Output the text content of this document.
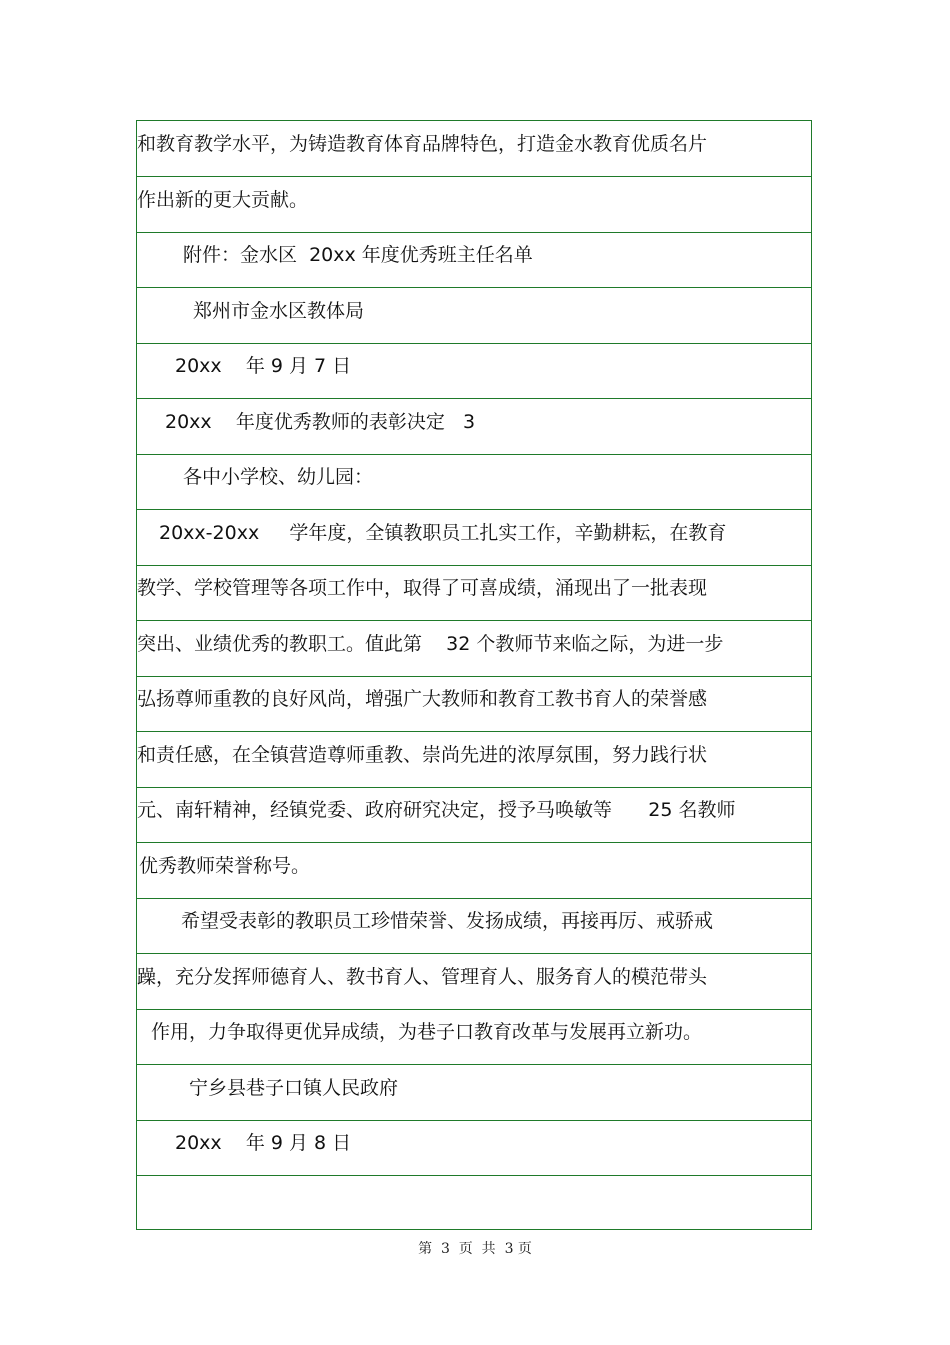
和教育教学水平，为铸造教育体育品牌特色，打造金水教育优质名片
作出新的更大贡献。
附件：金水区  20xx 年度优秀班主任名单
郑州市金水区教体局
20xx    年 9 月 7 日
20xx    年度优秀教师的表彰决定   3
各中小学校、幼儿园：
20xx-20xx     学年度，全镇教职员工扎实工作，辛勤耕耘，在教育
教学、学校管理等各项工作中，取得了可喜成绩，涌现出了一批表现
突出、业绩优秀的教职工。值此第    32 个教师节来临之际，为进一步
弘扬尊师重教的良好风尚，增强广大教师和教育工教书育人的荣誉感
和责任感，在全镇营造尊师重教、崇尚先进的浓厚氛围，努力践行状
元、南轩精神，经镇党委、政府研究决定，授予马唤敏等      25 名教师
优秀教师荣誉称号。
希望受表彰的教职员工珍惜荣誉、发扬成绩，再接再厉、戒骄戒
躁，充分发挥师德育人、教书育人、管理育人、服务育人的模范带头
作用，力争取得更优异成绩，为巷子口教育改革与发展再立新功。
宁乡县巷子口镇人民政府
20xx    年 9 月 8 日
第  3  页  共  3 页
